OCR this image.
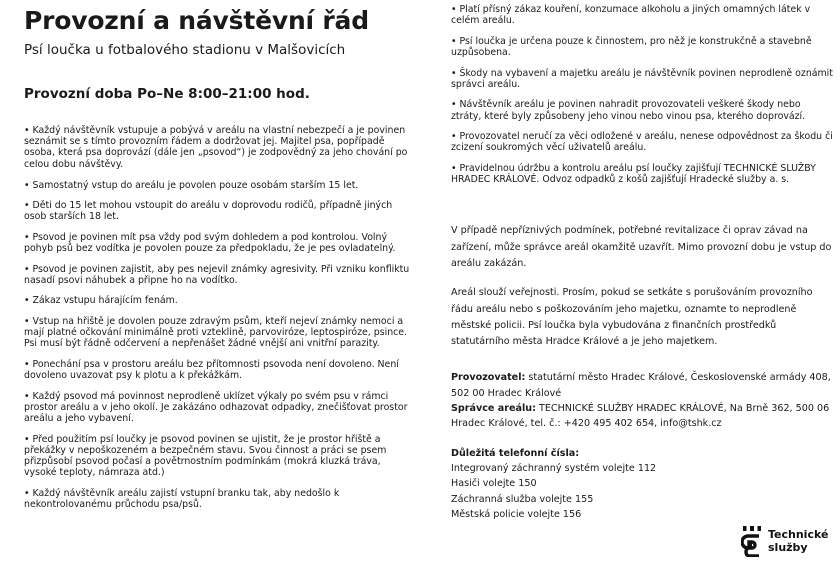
Provozní a návštěvní řád

Psí loučka u fotbalového stadionu v Malšovicích

Provozní doba Po–Ne 8:00–21:00 hod.

• Každý návštěvník vstupuje a pobývá v areálu na vlastní nebezpečí a je povinen seznámit se s tímto provozním řádem a dodržovat jej. Majitel psa, popřípadě osoba, která psa doprovází (dále jen „psovod“) je zodpovědný za jeho chování po celou dobu návštěvy.

• Samostatný vstup do areálu je povolen pouze osobám starším 15 let.

• Děti do 15 let mohou vstoupit do areálu v doprovodu rodičů, případně jiných osob starších 18 let.

• Psovod je povinen mít psa vždy pod svým dohledem a pod kontrolou. Volný pohyb psů bez vodítka je povolen pouze za předpokladu, že je pes ovladatelný.

• Psovod je povinen zajistit, aby pes nejevil známky agresivity. Při vzniku konfliktu nasadí psovi náhubek a připne ho na vodítko.

• Zákaz vstupu hárajícím fenám.

• Vstup na hřiště je dovolen pouze zdravým psům, kteří nejeví známky nemoci a mají platné očkování minimálně proti vzteklině, parvoviróze, leptospiróze, psince. Psi musí být řádně odčervení a nepřenášet žádné vnější ani vnitřní parazity.

• Ponechání psa v prostoru areálu bez přítomnosti psovoda není dovoleno. Není dovoleno uvazovat psy k plotu a k překážkám.

• Každý psovod má povinnost neprodleně uklízet výkaly po svém psu v rámci prostor areálu a v jeho okolí. Je zakázáno odhazovat odpadky, znečišťovat prostor areálu a jeho vybavení.

• Před použitím psí loučky je psovod povinen se ujistit, že je prostor hřiště a překážky v nepoškozeném a bezpečném stavu. Svou činnost a práci se psem přizpůsobí psovod počasí a povětrnostním podmínkám (mokrá kluzká tráva, vysoké teploty, námraza atd.)

• Každý návštěvník areálu zajistí vstupní branku tak, aby nedošlo k nekontrolovanému průchodu psa/psů.

• Platí přísný zákaz kouření, konzumace alkoholu a jiných omamných látek v celém areálu.

• Psí loučka je určena pouze k činnostem, pro něž je konstrukčně a stavebně uzpůsobena.

• Škody na vybavení a majetku areálu je návštěvník povinen neprodleně oznámit správci areálu.

• Návštěvník areálu je povinen nahradit provozovateli veškeré škody nebo ztráty, které byly způsobeny jeho vinou nebo vinou psa, kterého doprovází.

• Provozovatel neručí za věci odložené v areálu, nenese odpovědnost za škodu či zcizení soukromých věcí uživatelů areálu.

• Pravidelnou údržbu a kontrolu areálu psí loučky zajišťují TECHNICKÉ SLUŽBY HRADEC KRÁLOVÉ. Odvoz odpadků z košů zajišťují Hradecké služby a. s.

V případě nepříznivých podmínek, potřebné revitalizace či oprav závad na zařízení, může správce areál okamžitě uzavřít. Mimo provozní dobu je vstup do areálu zakázán.

Areál slouží veřejnosti. Prosím, pokud se setkáte s porušováním provozního řádu areálu nebo s poškozováním jeho majetku, oznamte to neprodleně městské policii. Psí loučka byla vybudována z finančních prostředků statutárního města Hradce Králové a je jeho majetkem.

Provozovatel: statutární město Hradec Králové, Československé armády 408, 502 00 Hradec Králové

Správce areálu: TECHNICKÉ SLUŽBY HRADEC KRÁLOVÉ, Na Brně 362, 500 06 Hradec Králové, tel. č.: +420 495 402 654, info@tshk.cz

Důležitá telefonní čísla:

Integrovaný záchranný systém volejte 112

Hasiči volejte 150

Záchranná služba volejte 155

Městská policie volejte 156

Technické
služby
